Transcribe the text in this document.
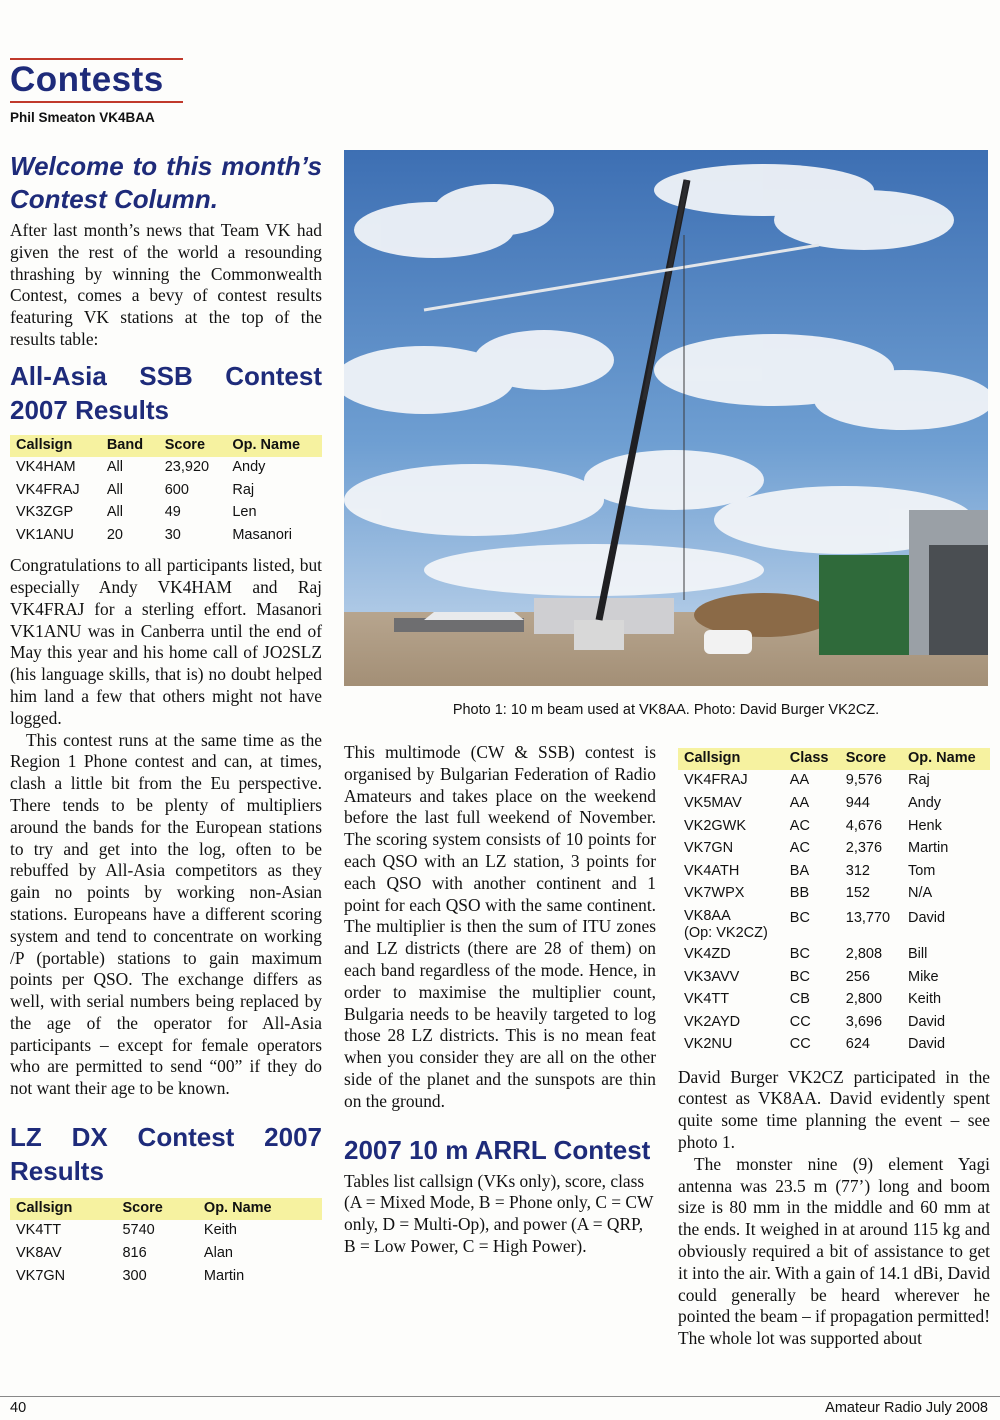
Contests
Phil Smeaton VK4BAA
Welcome to this month’s Contest Column.

After last month’s news that Team VK had given the rest of the world a resounding thrashing by winning the Commonwealth Contest, comes a bevy of contest results featuring VK stations at the top of the results table:

All-Asia SSB Contest 2007 Results
Callsign	Band	Score	Op. Name
VK4HAM	All	23,920	Andy
VK4FRAJ	All	600	Raj
VK3ZGP	All	49	Len
VK1ANU	20	30	Masanori

Congratulations to all participants listed, but especially Andy VK4HAM and Raj VK4FRAJ for a sterling effort. Masanori VK1ANU was in Canberra until the end of May this year and his home call of JO2SLZ (his language skills, that is) no doubt helped him land a few that others might not have logged.

This contest runs at the same time as the Region 1 Phone contest and can, at times, clash a little bit from the Eu perspective. There tends to be plenty of multipliers around the bands for the European stations to try and get into the log, often to be rebuffed by All-Asia competitors as they gain no points by working non-Asian stations. Europeans have a different scoring system and tend to concentrate on working /P (portable) stations to gain maximum points per QSO. The exchange differs as well, with serial numbers being replaced by the age of the operator for All-Asia participants – except for female operators who are permitted to send “00” if they do not want their age to be known.

LZ DX Contest 2007 Results
Callsign	Score	Op. Name
VK4TT	5740	Keith
VK8AV	816	Alan
VK7GN	300	Martin
Photo 1: 10 m beam used at VK8AA. Photo: David Burger VK2CZ.

This multimode (CW & SSB) contest is organised by Bulgarian Federation of Radio Amateurs and takes place on the weekend before the last full weekend of November. The scoring system consists of 10 points for each QSO with an LZ station, 3 points for each QSO with another continent and 1 point for each QSO with the same continent. The multiplier is then the sum of ITU zones and LZ districts (there are 28 of them) on each band regardless of the mode. Hence, in order to maximise the multiplier count, Bulgaria needs to be heavily targeted to log those 28 LZ districts. This is no mean feat when you consider they are all on the other side of the planet and the sunspots are thin on the ground.

2007 10 m ARRL Contest

Tables list callsign (VKs only), score, class (A = Mixed Mode, B = Phone only, C = CW only, D = Multi-Op), and power (A = QRP, B = Low Power, C = High Power).

Callsign	Class	Score	Op. Name
VK4FRAJ	AA	9,576	Raj
VK5MAV	AA	944	Andy
VK2GWK	AC	4,676	Henk
VK7GN	AC	2,376	Martin
VK4ATH	BA	312	Tom
VK7WPX	BB	152	N/A
VK8AA
(Op: VK2CZ)	BC	13,770	David
VK4ZD	BC	2,808	Bill
VK3AVV	BC	256	Mike
VK4TT	CB	2,800	Keith
VK2AYD	CC	3,696	David
VK2NU	CC	624	David

David Burger VK2CZ participated in the contest as VK8AA. David evidently spent quite some time planning the event – see photo 1.

The monster nine (9) element Yagi antenna was 23.5 m (77’) long and boom size is 80 mm in the middle and 60 mm at the ends. It weighed in at around 115 kg and obviously required a bit of assistance to get it into the air. With a gain of 14.1 dBi, David could generally be heard wherever he pointed the beam – if propagation permitted! The whole lot was supported about

40	Amateur Radio July 2008
